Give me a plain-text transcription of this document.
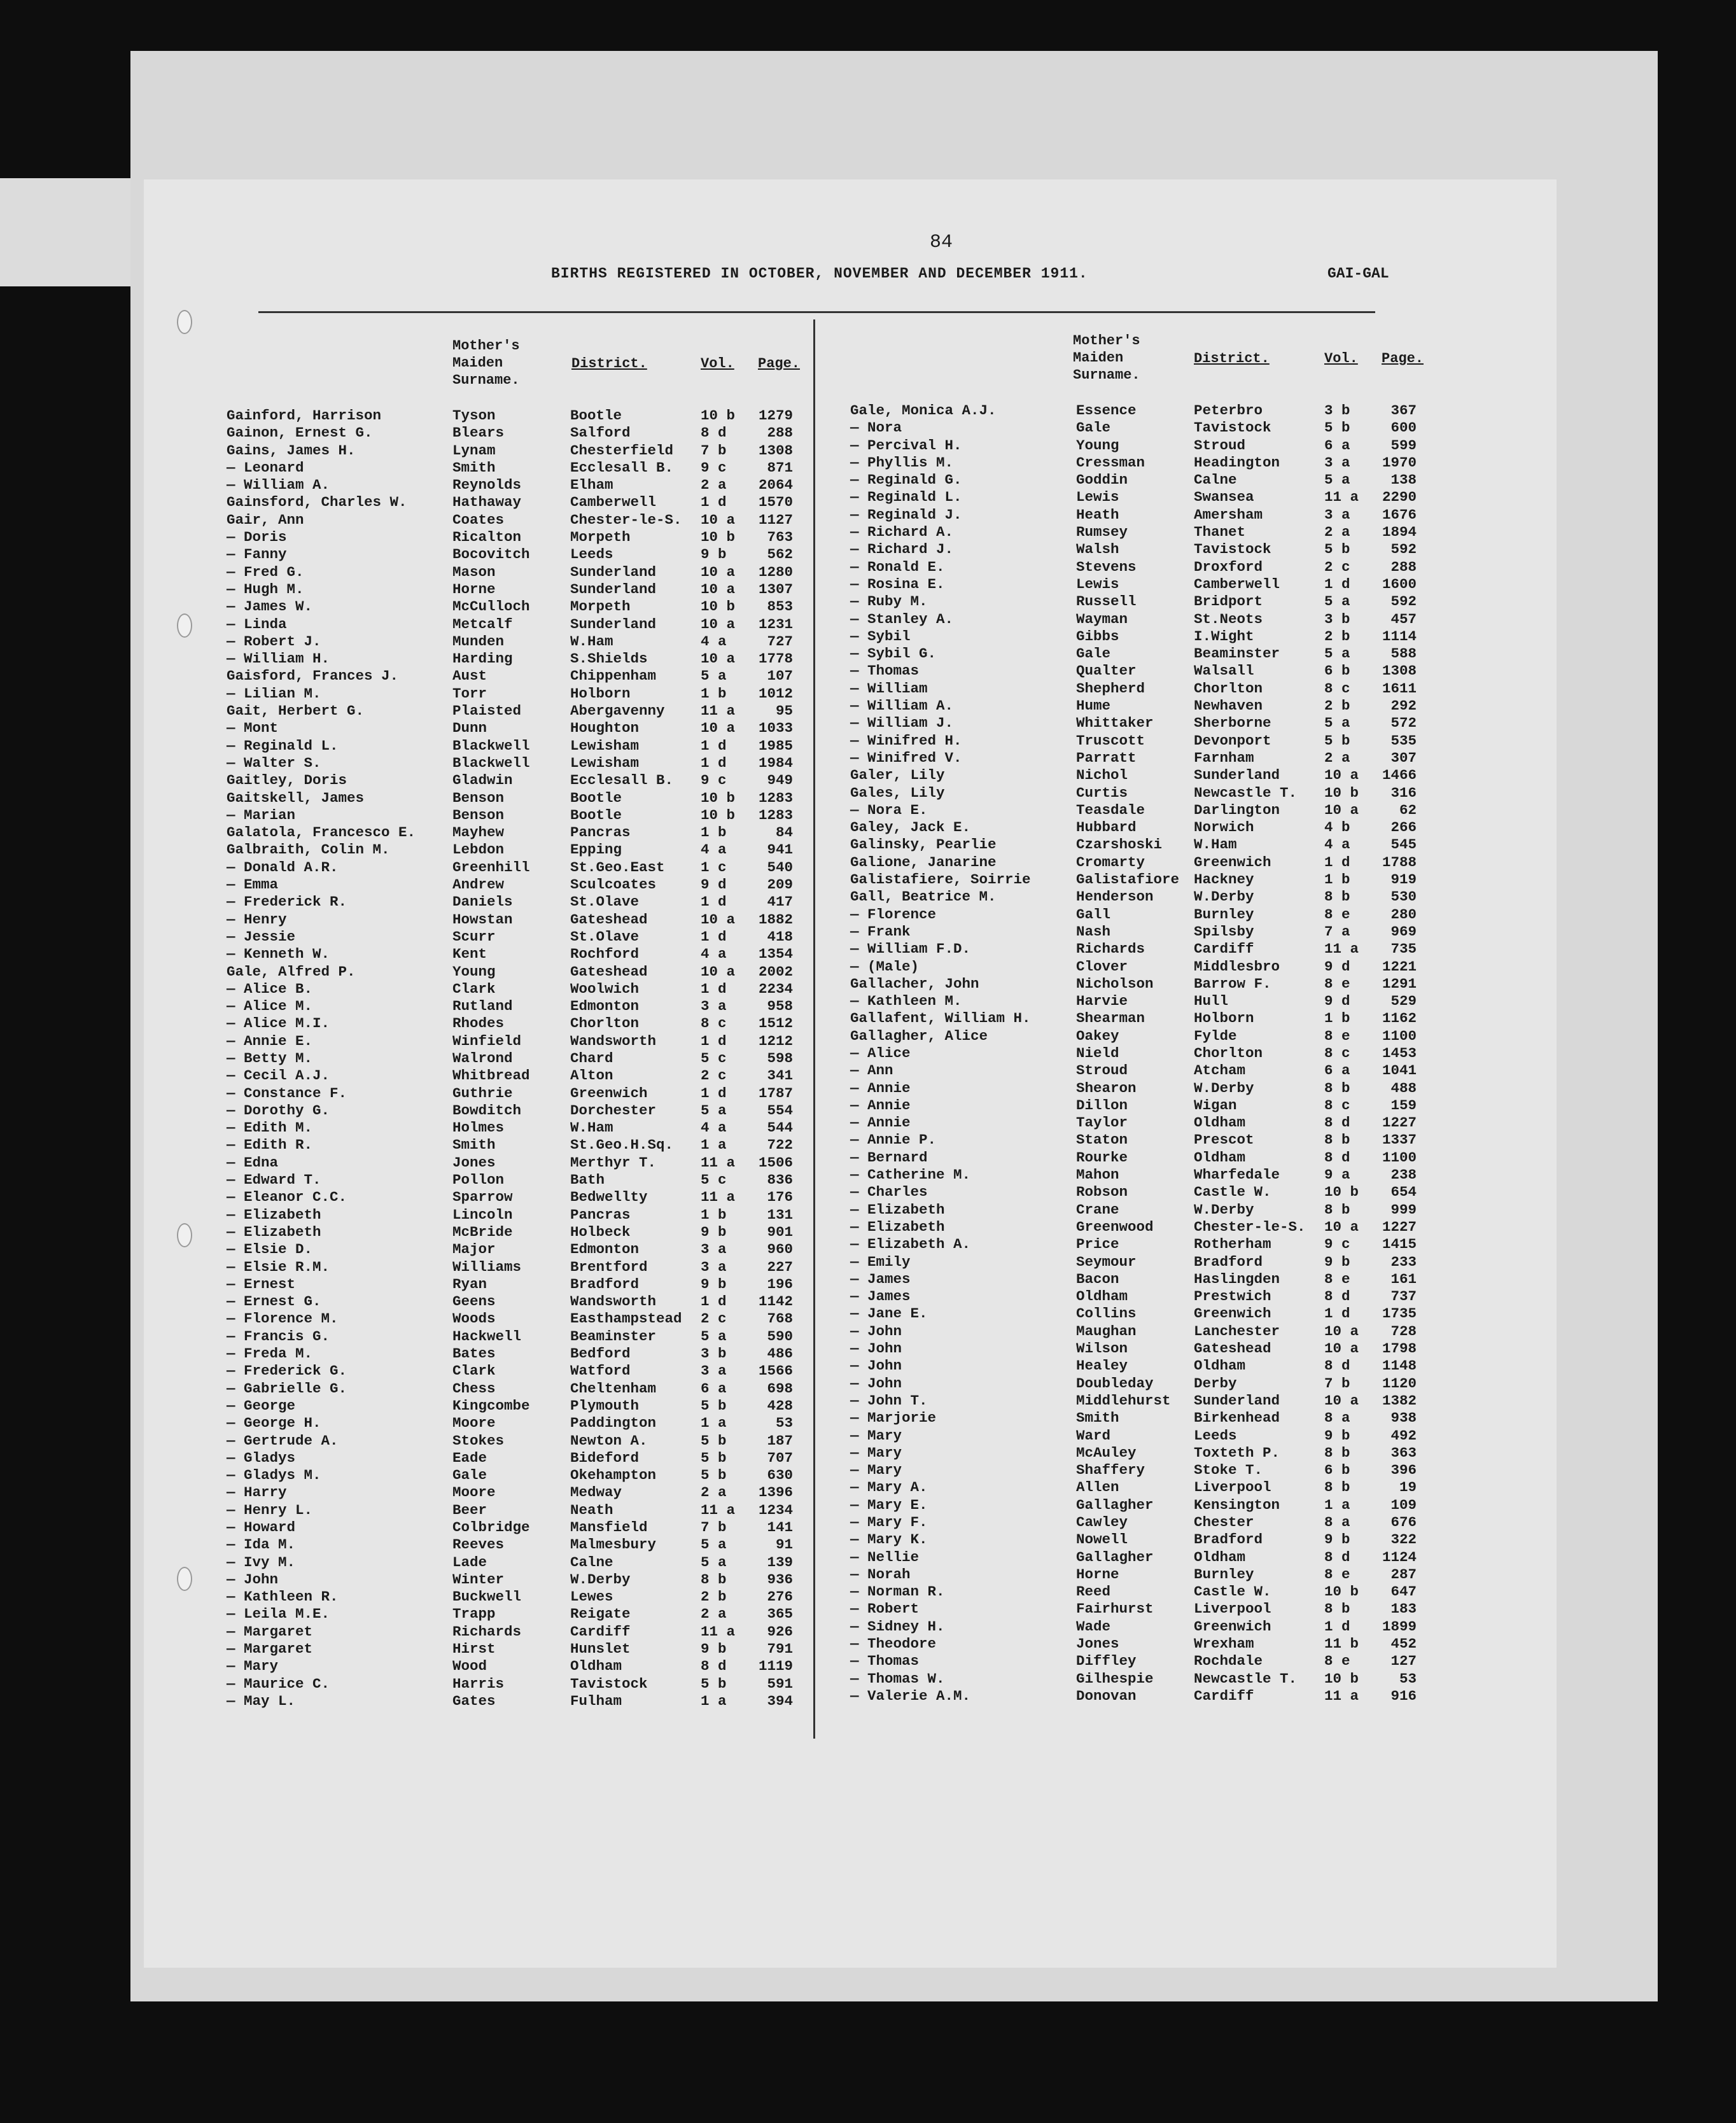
84
BIRTHS REGISTERED IN OCTOBER, NOVEMBER AND DECEMBER 1911.	GAI-GAL
Mother's
Maiden
Surname.
District.	Vol. Page.
Mother's
Maiden
Surname.
District.	Vol. Page.
Gainford, Harrison	Tyson	Bootle	10 b	1279
Gainon, Ernest G.	Blears	Salford	8 d	288
Gains, James H.	Lynam	Chesterfield 7 b	1308
— Leonard	Smith	Ecclesall B. 9 c	871
— William A.	Reynolds	Elham	2 a	2064
Gainsford, Charles W.	Hathaway	Camberwell	1 d	1570
Gair, Ann	Coates	Chester-le-S. 10 a	1127
— Doris	Ricalton	Morpeth	10 b	763
— Fanny	Bocovitch	Leeds	9 b	562
— Fred G.	Mason	Sunderland	10 a	1280
— Hugh M.	Horne	Sunderland	10 a	1307
— James W.	McCulloch	Morpeth	10 b	853
— Linda	Metcalf	Sunderland	10 a	1231
— Robert J.	Munden	W.Ham	4 a	727
— William H.	Harding	S.Shields	10 a	1778
Gaisford, Frances J.	Aust	Chippenham	5 a	107
— Lilian M.	Torr	Holborn	1 b	1012
Gait, Herbert G.	Plaisted	Abergavenny	11 a	95
— Mont	Dunn	Houghton	10 a	1033
— Reginald L.	Blackwell	Lewisham	1 d	1985
— Walter S.	Blackwell	Lewisham	1 d	1984
Gaitley, Doris	Gladwin	Ecclesall B. 9 c	949
Gaitskell, James	Benson	Bootle	10 b	1283
— Marian	Benson	Bootle	10 b	1283
Galatola, Francesco E.	Mayhew	Pancras	1 b	84
Galbraith, Colin M.	Lebdon	Epping	4 a	941
— Donald A.R.	Greenhill	St.Geo.East	1 c	540
— Emma	Andrew	Sculcoates	9 d	209
— Frederick R.	Daniels	St.Olave	1 d	417
— Henry	Howstan	Gateshead	10 a	1882
— Jessie	Scurr	St.Olave	1 d	418
— Kenneth W.	Kent	Rochford	4 a	1354
Gale, Alfred P.	Young	Gateshead	10 a	2002
— Alice B.	Clark	Woolwich	1 d	2234
— Alice M.	Rutland	Edmonton	3 a	958
— Alice M.I.	Rhodes	Chorlton	8 c	1512
— Annie E.	Winfield	Wandsworth	1 d	1212
— Betty M.	Walrond	Chard	5 c	598
— Cecil A.J.	Whitbread	Alton	2 c	341
— Constance F.	Guthrie	Greenwich	1 d	1787
— Dorothy G.	Bowditch	Dorchester	5 a	554
— Edith M.	Holmes	W.Ham	4 a	544
— Edith R.	Smith	St.Geo.H.Sq. 1 a	722
— Edna	Jones	Merthyr T.	11 a	1506
— Edward T.	Pollon	Bath	5 c	836
— Eleanor C.C.	Sparrow	Bedwellty	11 a	176
— Elizabeth	Lincoln	Pancras	1 b	131
— Elizabeth	McBride	Holbeck	9 b	901
— Elsie D.	Major	Edmonton	3 a	960
— Elsie R.M.	Williams	Brentford	3 a	227
— Ernest	Ryan	Bradford	9 b	196
— Ernest G.	Geens	Wandsworth	1 d	1142
— Florence M.	Woods	Easthampstead 2 c	768
— Francis G.	Hackwell	Beaminster	5 a	590
— Freda M.	Bates	Bedford	3 b	486
— Frederick G.	Clark	Watford	3 a	1566
— Gabrielle G.	Chess	Cheltenham	6 a	698
— George	Kingcombe	Plymouth	5 b	428
— George H.	Moore	Paddington	1 a	53
— Gertrude A.	Stokes	Newton A.	5 b	187
— Gladys	Eade	Bideford	5 b	707
— Gladys M.	Gale	Okehampton	5 b	630
— Harry	Moore	Medway	2 a	1396
— Henry L.	Beer	Neath	11 a	1234
— Howard	Colbridge	Mansfield	7 b	141
— Ida M.	Reeves	Malmesbury	5 a	91
— Ivy M.	Lade	Calne	5 a	139
— John	Winter	W.Derby	8 b	936
— Kathleen R.	Buckwell	Lewes	2 b	276
— Leila M.E.	Trapp	Reigate	2 a	365
— Margaret	Richards	Cardiff	11 a	926
— Margaret	Hirst	Hunslet	9 b	791
— Mary	Wood	Oldham	8 d	1119
— Maurice C.	Harris	Tavistock	5 b	591
— May L.	Gates	Fulham	1 a	394
Gale, Monica A.J.	Essence	Peterbro	3 b	367
— Nora	Gale	Tavistock	5 b	600
— Percival H.	Young	Stroud	6 a	599
— Phyllis M.	Cressman	Headington	3 a	1970
— Reginald G.	Goddin	Calne	5 a	138
— Reginald L.	Lewis	Swansea	11 a	2290
— Reginald J.	Heath	Amersham	3 a	1676
— Richard A.	Rumsey	Thanet	2 a	1894
— Richard J.	Walsh	Tavistock	5 b	592
— Ronald E.	Stevens	Droxford	2 c	288
— Rosina E.	Lewis	Camberwell	1 d	1600
— Ruby M.	Russell	Bridport	5 a	592
— Stanley A.	Wayman	St.Neots	3 b	457
— Sybil	Gibbs	I.Wight	2 b	1114
— Sybil G.	Gale	Beaminster	5 a	588
— Thomas	Qualter	Walsall	6 b	1308
— William	Shepherd	Chorlton	8 c	1611
— William A.	Hume	Newhaven	2 b	292
— William J.	Whittaker	Sherborne	5 a	572
— Winifred H.	Truscott	Devonport	5 b	535
— Winifred V.	Parratt	Farnham	2 a	307
Galer, Lily	Nichol	Sunderland	10 a	1466
Gales, Lily	Curtis	Newcastle T. 10 b	316
— Nora E.	Teasdale	Darlington	10 a	62
Galey, Jack E.	Hubbard	Norwich	4 b	266
Galinsky, Pearlie	Czarshoski W.Ham	4 a	545
Galione, Janarine	Cromarty	Greenwich	1 d	1788
Galistafiere, Soirrie	Galistafiore Hackney	1 b	919
Gall, Beatrice M.	Henderson	W.Derby	8 b	530
— Florence	Gall	Burnley	8 e	280
— Frank	Nash	Spilsby	7 a	969
— William F.D.	Richards	Cardiff	11 a	735
— (Male)	Clover	Middlesbro	9 d	1221
Gallacher, John	Nicholson	Barrow F.	8 e	1291
— Kathleen M.	Harvie	Hull	9 d	529
Gallafent, William H.	Shearman	Holborn	1 b	1162
Gallagher, Alice	Oakey	Fylde	8 e	1100
— Alice	Nield	Chorlton	8 c	1453
— Ann	Stroud	Atcham	6 a	1041
— Annie	Shearon	W.Derby	8 b	488
— Annie	Dillon	Wigan	8 c	159
— Annie	Taylor	Oldham	8 d	1227
— Annie P.	Staton	Prescot	8 b	1337
— Bernard	Rourke	Oldham	8 d	1100
— Catherine M.	Mahon	Wharfedale	9 a	238
— Charles	Robson	Castle W.	10 b	654
— Elizabeth	Crane	W.Derby	8 b	999
— Elizabeth	Greenwood	Chester-le-S. 10 a	1227
— Elizabeth A.	Price	Rotherham	9 c	1415
— Emily	Seymour	Bradford	9 b	233
— James	Bacon	Haslingden	8 e	161
— James	Oldham	Prestwich	8 d	737
— Jane E.	Collins	Greenwich	1 d	1735
— John	Maughan	Lanchester	10 a	728
— John	Wilson	Gateshead	10 a	1798
— John	Healey	Oldham	8 d	1148
— John	Doubleday	Derby	7 b	1120
— John T.	Middlehurst Sunderland	10 a	1382
— Marjorie	Smith	Birkenhead	8 a	938
— Mary	Ward	Leeds	9 b	492
— Mary	McAuley	Toxteth P.	8 b	363
— Mary	Shaffery	Stoke T.	6 b	396
— Mary A.	Allen	Liverpool	8 b	19
— Mary E.	Gallagher	Kensington	1 a	109
— Mary F.	Cawley	Chester	8 a	676
— Mary K.	Nowell	Bradford	9 b	322
— Nellie	Gallagher	Oldham	8 d	1124
— Norah	Horne	Burnley	8 e	287
— Norman R.	Reed	Castle W.	10 b	647
— Robert	Fairhurst	Liverpool	8 b	183
— Sidney H.	Wade	Greenwich	1 d	1899
— Theodore	Jones	Wrexham	11 b	452
— Thomas	Diffley	Rochdale	8 e	127
— Thomas W.	Gilhespie	Newcastle T. 10 b	53
— Valerie A.M.	Donovan	Cardiff	11 a	916
